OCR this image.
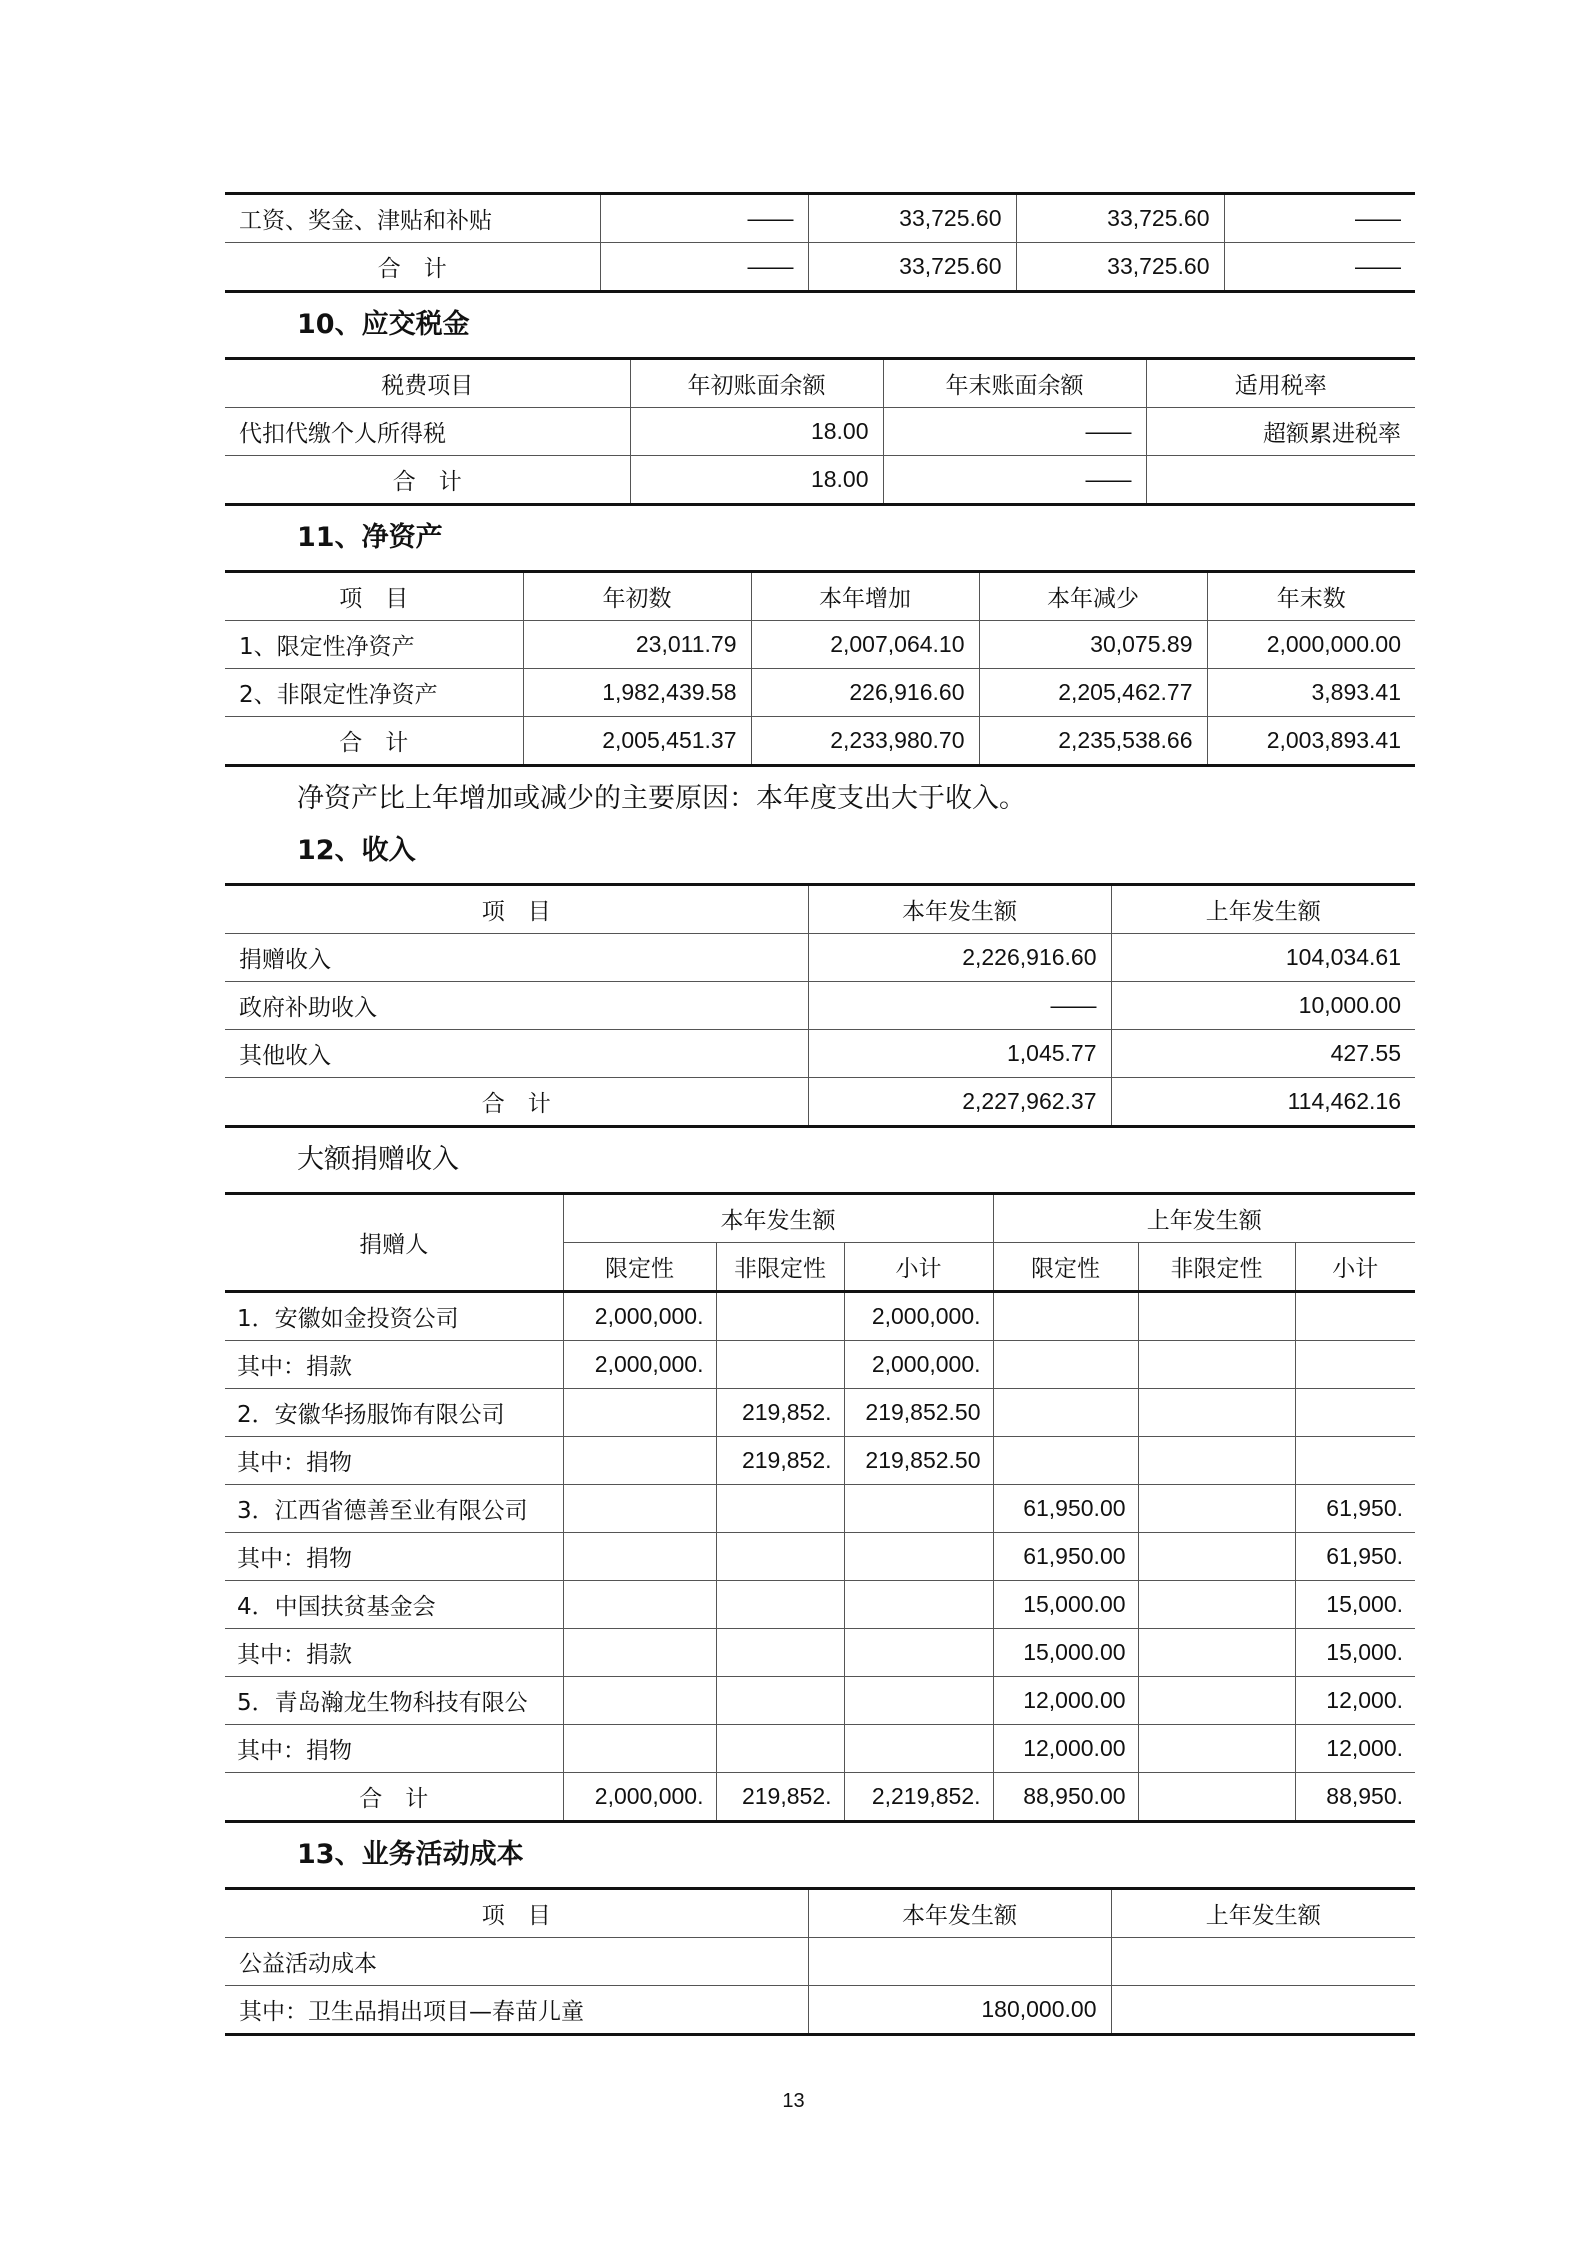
工资、奖金、津贴和补贴	——	33,725.60	33,725.60	——
合　计	——	33,725.60	33,725.60	——
10、应交税金
税费项目	年初账面余额	年末账面余额	适用税率
代扣代缴个人所得税	18.00	——	超额累进税率
合　计	18.00	——	
11、净资产
项　目	年初数	本年增加	本年减少	年末数
1、限定性净资产	23,011.79	2,007,064.10	30,075.89	2,000,000.00
2、非限定性净资产	1,982,439.58	226,916.60	2,205,462.77	3,893.41
合　计	2,005,451.37	2,233,980.70	2,235,538.66	2,003,893.41
净资产比上年增加或减少的主要原因：本年度支出大于收入。
12、收入
项　目	本年发生额	上年发生额
捐赠收入	2,226,916.60	104,034.61
政府补助收入	——	10,000.00
其他收入	1,045.77	427.55
合　计	2,227,962.37	114,462.16
大额捐赠收入
捐赠人	本年发生额			上年发生额		
	限定性	非限定性	小计	限定性	非限定性	小计
1．安徽如金投资公司	2,000,000.		2,000,000.			
其中：捐款	2,000,000.		2,000,000.			
2．安徽华扬服饰有限公司		219,852.	219,852.50			
其中：捐物		219,852.	219,852.50			
3．江西省德善至业有限公司				61,950.00		61,950.
其中：捐物				61,950.00		61,950.
4．中国扶贫基金会				15,000.00		15,000.
其中：捐款				15,000.00		15,000.
5．青岛瀚龙生物科技有限公				12,000.00		12,000.
其中：捐物				12,000.00		12,000.
合　计	2,000,000.	219,852.	2,219,852.	88,950.00		88,950.
13、业务活动成本
项　目	本年发生额	上年发生额
公益活动成本		
其中：卫生品捐出项目—春苗儿童	180,000.00	
13
